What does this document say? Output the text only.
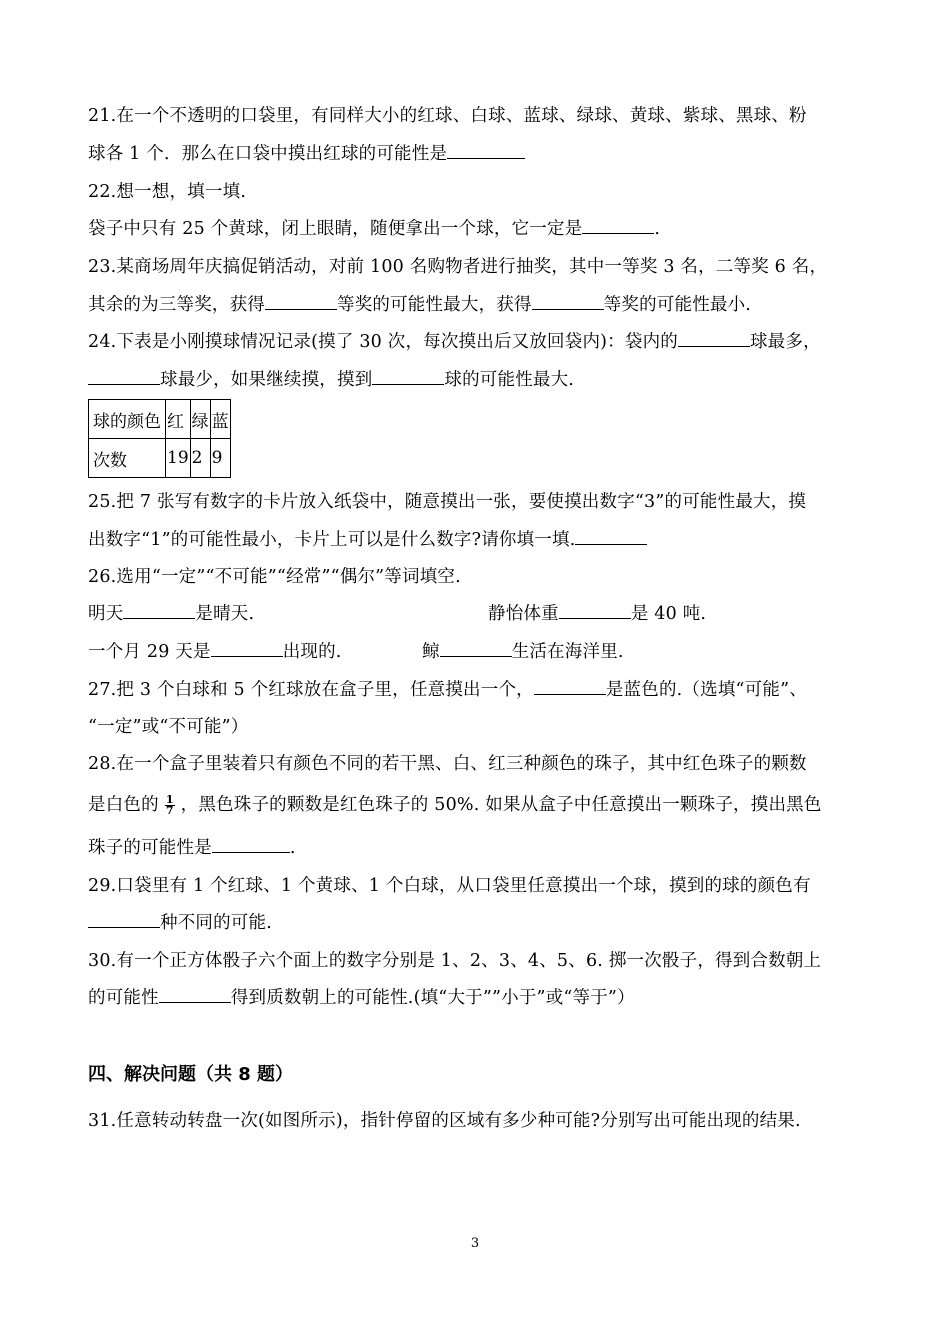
21.在一个不透明的口袋里，有同样大小的红球、白球、蓝球、绿球、黄球、紫球、黑球、粉
球各 1 个．那么在口袋中摸出红球的可能性是
22.想一想，填一填.
袋子中只有 25 个黄球，闭上眼睛，随便拿出一个球，它一定是	.
23.某商场周年庆搞促销活动，对前 100 名购物者进行抽奖，其中一等奖 3 名，二等奖 6 名，
其余的为三等奖，获得	等奖的可能性最大，获得	等奖的可能性最小.
24.下表是小刚摸球情况记录(摸了 30 次，每次摸出后又放回袋内)：袋内的	球最多，
球最少，如果继续摸，摸到	球的可能性最大.
球的颜色	红	绿	蓝
次数	19	2	9
25.把 7 张写有数字的卡片放入纸袋中，随意摸出一张，要使摸出数字“3”的可能性最大，摸
出数字“1”的可能性最小，卡片上可以是什么数字?请你填一填.
26.选用“一定”“不可能”“经常”“偶尔”等词填空.
明天	是晴天.	静怡体重	是 40 吨.
一个月 29 天是	出现的.	鲸	生活在海洋里.
27.把 3 个白球和 5 个红球放在盒子里，任意摸出一个，	是蓝色的.（选填“可能”、
“一定”或“不可能”）
28.在一个盒子里装着只有颜色不同的若干黑、白、红三种颜色的珠子，其中红色珠子的颗数
是白色的 $\frac{1}{7}$ ，黑色珠子的颗数是红色珠子的 50%. 如果从盒子中任意摸出一颗珠子，摸出黑色
珠子的可能性是	.
29.口袋里有 1 个红球、1 个黄球、1 个白球，从口袋里任意摸出一个球，摸到的球的颜色有
种不同的可能.
30.有一个正方体骰子六个面上的数字分别是 1、2、3、4、5、6. 掷一次骰子，得到合数朝上
的可能性	得到质数朝上的可能性.(填“大于””小于”或“等于”）
四、解决问题（共 8 题）
31.任意转动转盘一次(如图所示)，指针停留的区域有多少种可能?分别写出可能出现的结果.
3
